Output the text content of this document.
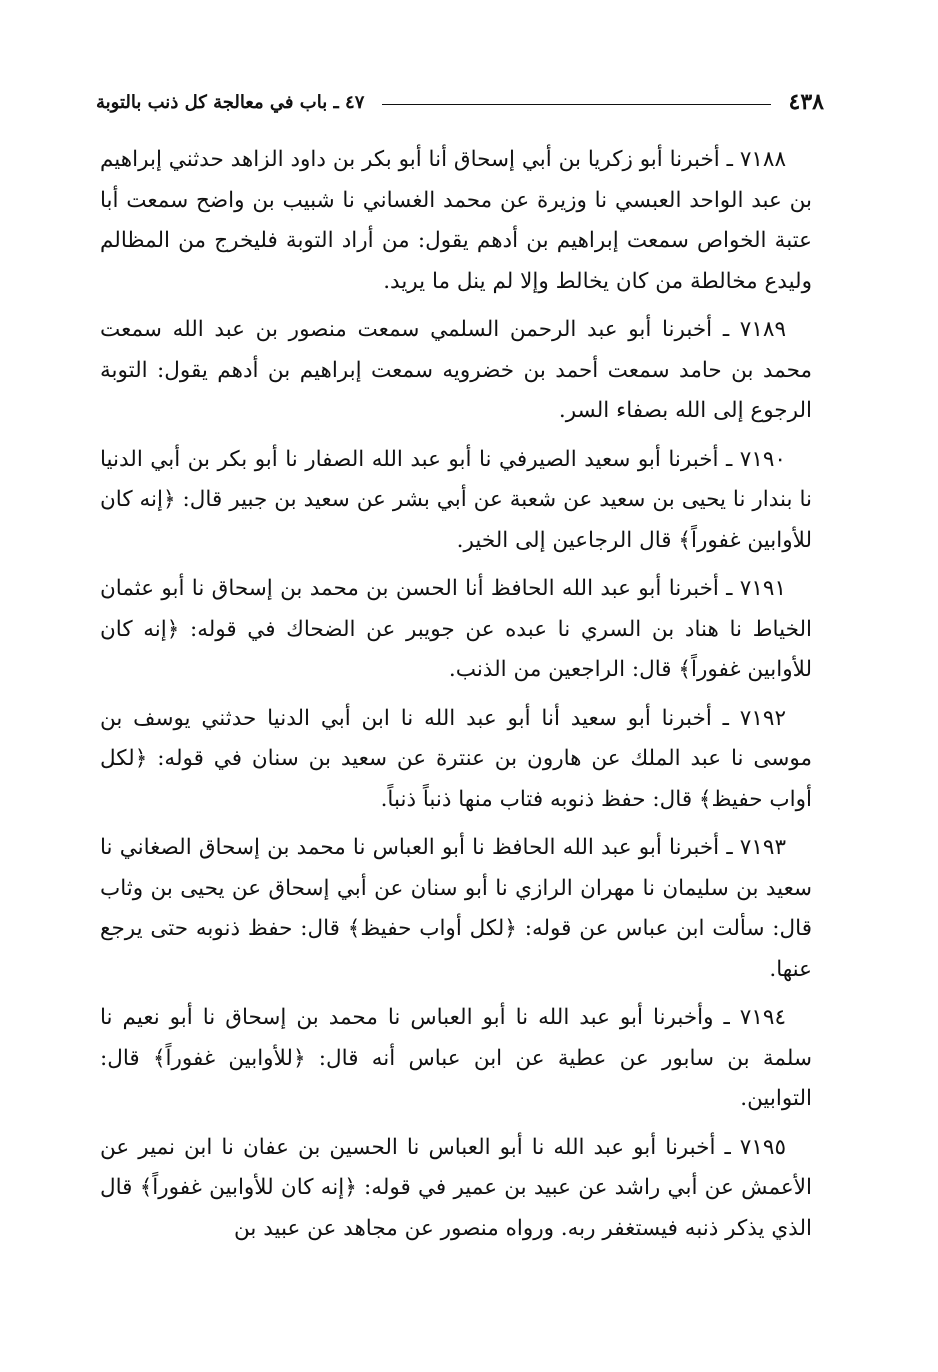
٤٣٨
٤٧ ـ باب في معالجة كل ذنب بالتوبة

٧١٨٨ ـ أخبرنا أبو زكريا بن أبي إسحاق أنا أبو بكر بن داود الزاهد حدثني إبراهيم بن عبد الواحد العبسي نا وزيرة عن محمد الغساني نا شبيب بن واضح سمعت أبا عتبة الخواص سمعت إبراهيم بن أدهم يقول: من أراد التوبة فليخرج من المظالم وليدع مخالطة من كان يخالط وإلا لم ينل ما يريد.

٧١٨٩ ـ أخبرنا أبو عبد الرحمن السلمي سمعت منصور بن عبد الله سمعت محمد بن حامد سمعت أحمد بن خضرويه سمعت إبراهيم بن أدهم يقول: التوبة الرجوع إلى الله بصفاء السر.

٧١٩٠ ـ أخبرنا أبو سعيد الصيرفي نا أبو عبد الله الصفار نا أبو بكر بن أبي الدنيا نا بندار نا يحيى بن سعيد عن شعبة عن أبي بشر عن سعيد بن جبير قال: ﴿إنه كان للأوابين غفوراً﴾ قال الرجاعين إلى الخير.

٧١٩١ ـ أخبرنا أبو عبد الله الحافظ أنا الحسن بن محمد بن إسحاق نا أبو عثمان الخياط نا هناد بن السري نا عبده عن جويبر عن الضحاك في قوله: ﴿إنه كان للأوابين غفوراً﴾ قال: الراجعين من الذنب.

٧١٩٢ ـ أخبرنا أبو سعيد أنا أبو عبد الله نا ابن أبي الدنيا حدثني يوسف بن موسى نا عبد الملك عن هارون بن عنترة عن سعيد بن سنان في قوله: ﴿لكل أواب حفيظ﴾ قال: حفظ ذنوبه فتاب منها ذنباً ذنباً.

٧١٩٣ ـ أخبرنا أبو عبد الله الحافظ نا أبو العباس نا محمد بن إسحاق الصغاني نا سعيد بن سليمان نا مهران الرازي نا أبو سنان عن أبي إسحاق عن يحيى بن وثاب قال: سألت ابن عباس عن قوله: ﴿لكل أواب حفيظ﴾ قال: حفظ ذنوبه حتى يرجع عنها.

٧١٩٤ ـ وأخبرنا أبو عبد الله نا أبو العباس نا محمد بن إسحاق نا أبو نعيم نا سلمة بن سابور عن عطية عن ابن عباس أنه قال: ﴿للأوابين غفوراً﴾ قال: التوابين.

٧١٩٥ ـ أخبرنا أبو عبد الله نا أبو العباس نا الحسين بن عفان نا ابن نمير عن الأعمش عن أبي راشد عن عبيد بن عمير في قوله: ﴿إنه كان للأوابين غفوراً﴾ قال الذي يذكر ذنبه فيستغفر ربه. ورواه منصور عن مجاهد عن عبيد بن
